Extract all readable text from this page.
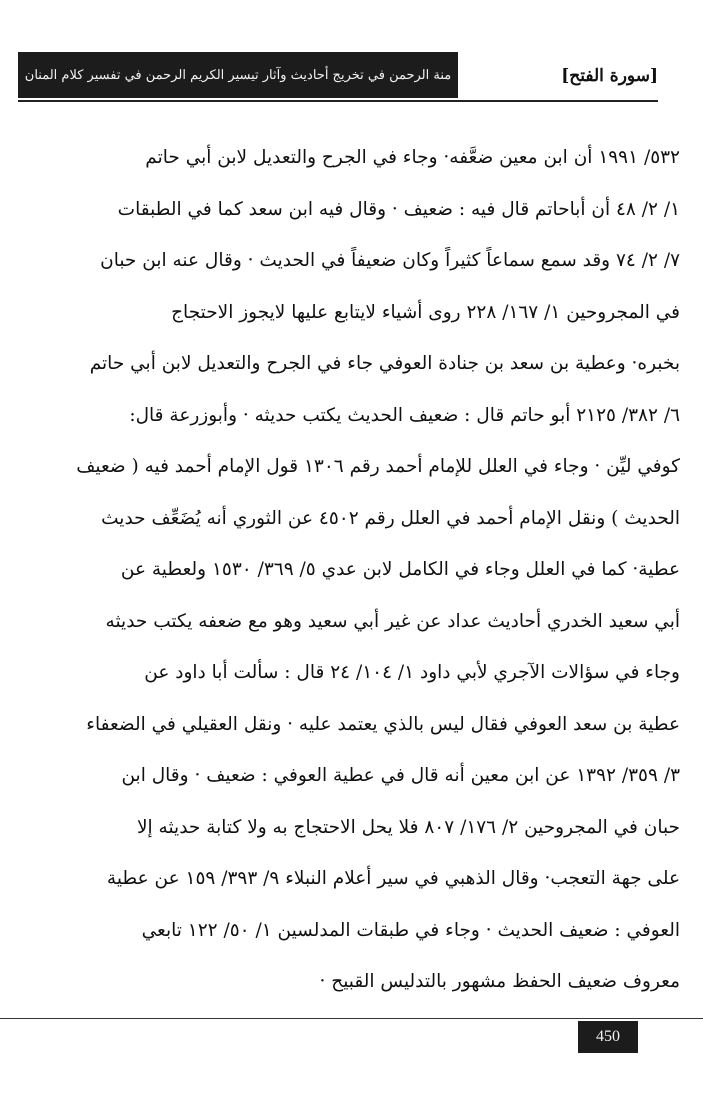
منة الرحمن في تخريج أحاديث وآثار تيسير الكريم الرحمن في تفسير كلام المنان	[سورة الفتح]
٥٣٢/ ١٩٩١ أن ابن معين ضعَّفه· وجاء في الجرح والتعديل لابن أبي حاتم
١/ ٢/ ٤٨ أن أباحاتم قال فيه : ضعيف · وقال فيه ابن سعد كما في الطبقات
٧/ ٢/ ٧٤ وقد سمع سماعاً كثيراً وكان ضعيفاً في الحديث · وقال عنه ابن حبان
في المجروحين ١/ ١٦٧/ ٢٢٨ روى أشياء لايتابع عليها لايجوز الاحتجاج
بخبره· وعطية بن سعد بن جنادة العوفي جاء في الجرح والتعديل لابن أبي حاتم
٦/ ٣٨٢/ ٢١٢٥ أبو حاتم قال : ضعيف الحديث يكتب حديثه · وأبوزرعة قال:
كوفي ليِّن · وجاء في العلل للإمام أحمد رقم ١٣٠٦ قول الإمام أحمد فيه ( ضعيف
الحديث ) ونقل الإمام أحمد في العلل رقم ٤٥٠٢ عن الثوري أنه يُضَعِّف حديث
عطية· كما في العلل وجاء في الكامل لابن عدي ٥/ ٣٦٩/ ١٥٣٠ ولعطية عن
أبي سعيد الخدري أحاديث عداد عن غير أبي سعيد وهو مع ضعفه يكتب حديثه
وجاء في سؤالات الآجري لأبي داود ١/ ١٠٤/ ٢٤ قال : سألت أبا داود عن
عطية بن سعد العوفي فقال ليس بالذي يعتمد عليه · ونقل العقيلي في الضعفاء
٣/ ٣٥٩/ ١٣٩٢ عن ابن معين أنه قال في عطية العوفي : ضعيف · وقال ابن
حبان في المجروحين ٢/ ١٧٦/ ٨٠٧ فلا يحل الاحتجاج به ولا كتابة حديثه إلا
على جهة التعجب· وقال الذهبي في سير أعلام النبلاء ٩/ ٣٩٣/ ١٥٩ عن عطية
العوفي : ضعيف الحديث · وجاء في طبقات المدلسين ١/ ٥٠/ ١٢٢ تابعي
معروف ضعيف الحفظ مشهور بالتدليس القبيح ·
450
